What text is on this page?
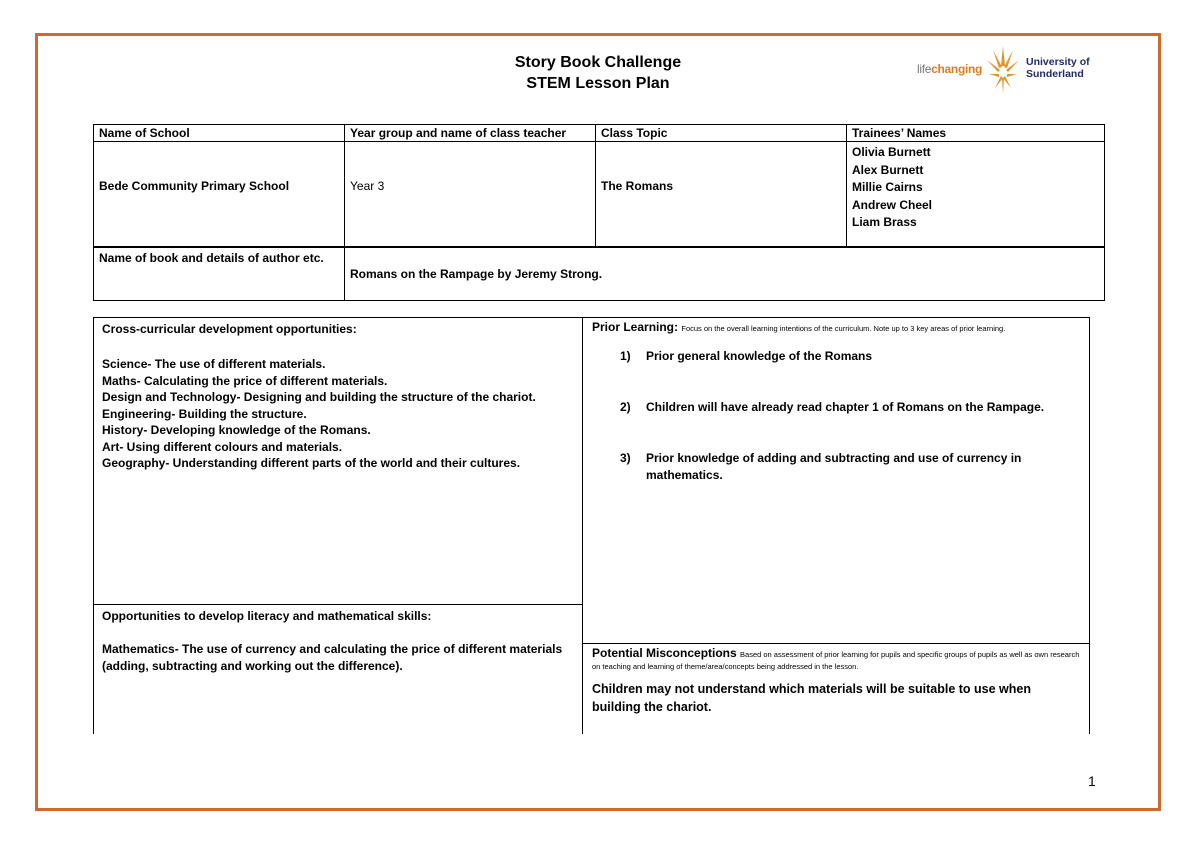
Story Book Challenge
STEM Lesson Plan
lifechanging	University of
Sunderland
Name of School	Year group and name of class teacher	Class Topic	Trainees’ Names
Bede Community Primary School	Year 3	The Romans	Olivia Burnett
Alex Burnett
Millie Cairns
Andrew Cheel
Liam Brass
Name of book and details of author etc.	Romans on the Rampage by Jeremy Strong.
Cross-curricular development opportunities:
Science- The use of different materials.
Maths- Calculating the price of different materials.
Design and Technology- Designing and building the structure of the chariot.
Engineering- Building the structure.
History- Developing knowledge of the Romans.
Art- Using different colours and materials.
Geography- Understanding different parts of the world and their cultures.
Opportunities to develop literacy and mathematical skills:
Mathematics- The use of currency and calculating the price of different materials (adding, subtracting and working out the difference).
Prior Learning: Focus on the overall learning intentions of the curriculum. Note up to 3 key areas of prior learning.
1)	Prior general knowledge of the Romans
2)	Children will have already read chapter 1 of Romans on the Rampage.
3)	Prior knowledge of adding and subtracting and use of currency in mathematics.
Potential Misconceptions Based on assessment of prior learning for pupils and specific groups of pupils as well as own research on teaching and learning of theme/area/concepts being addressed in the lesson.
Children may not understand which materials will be suitable to use when building the chariot.
1
